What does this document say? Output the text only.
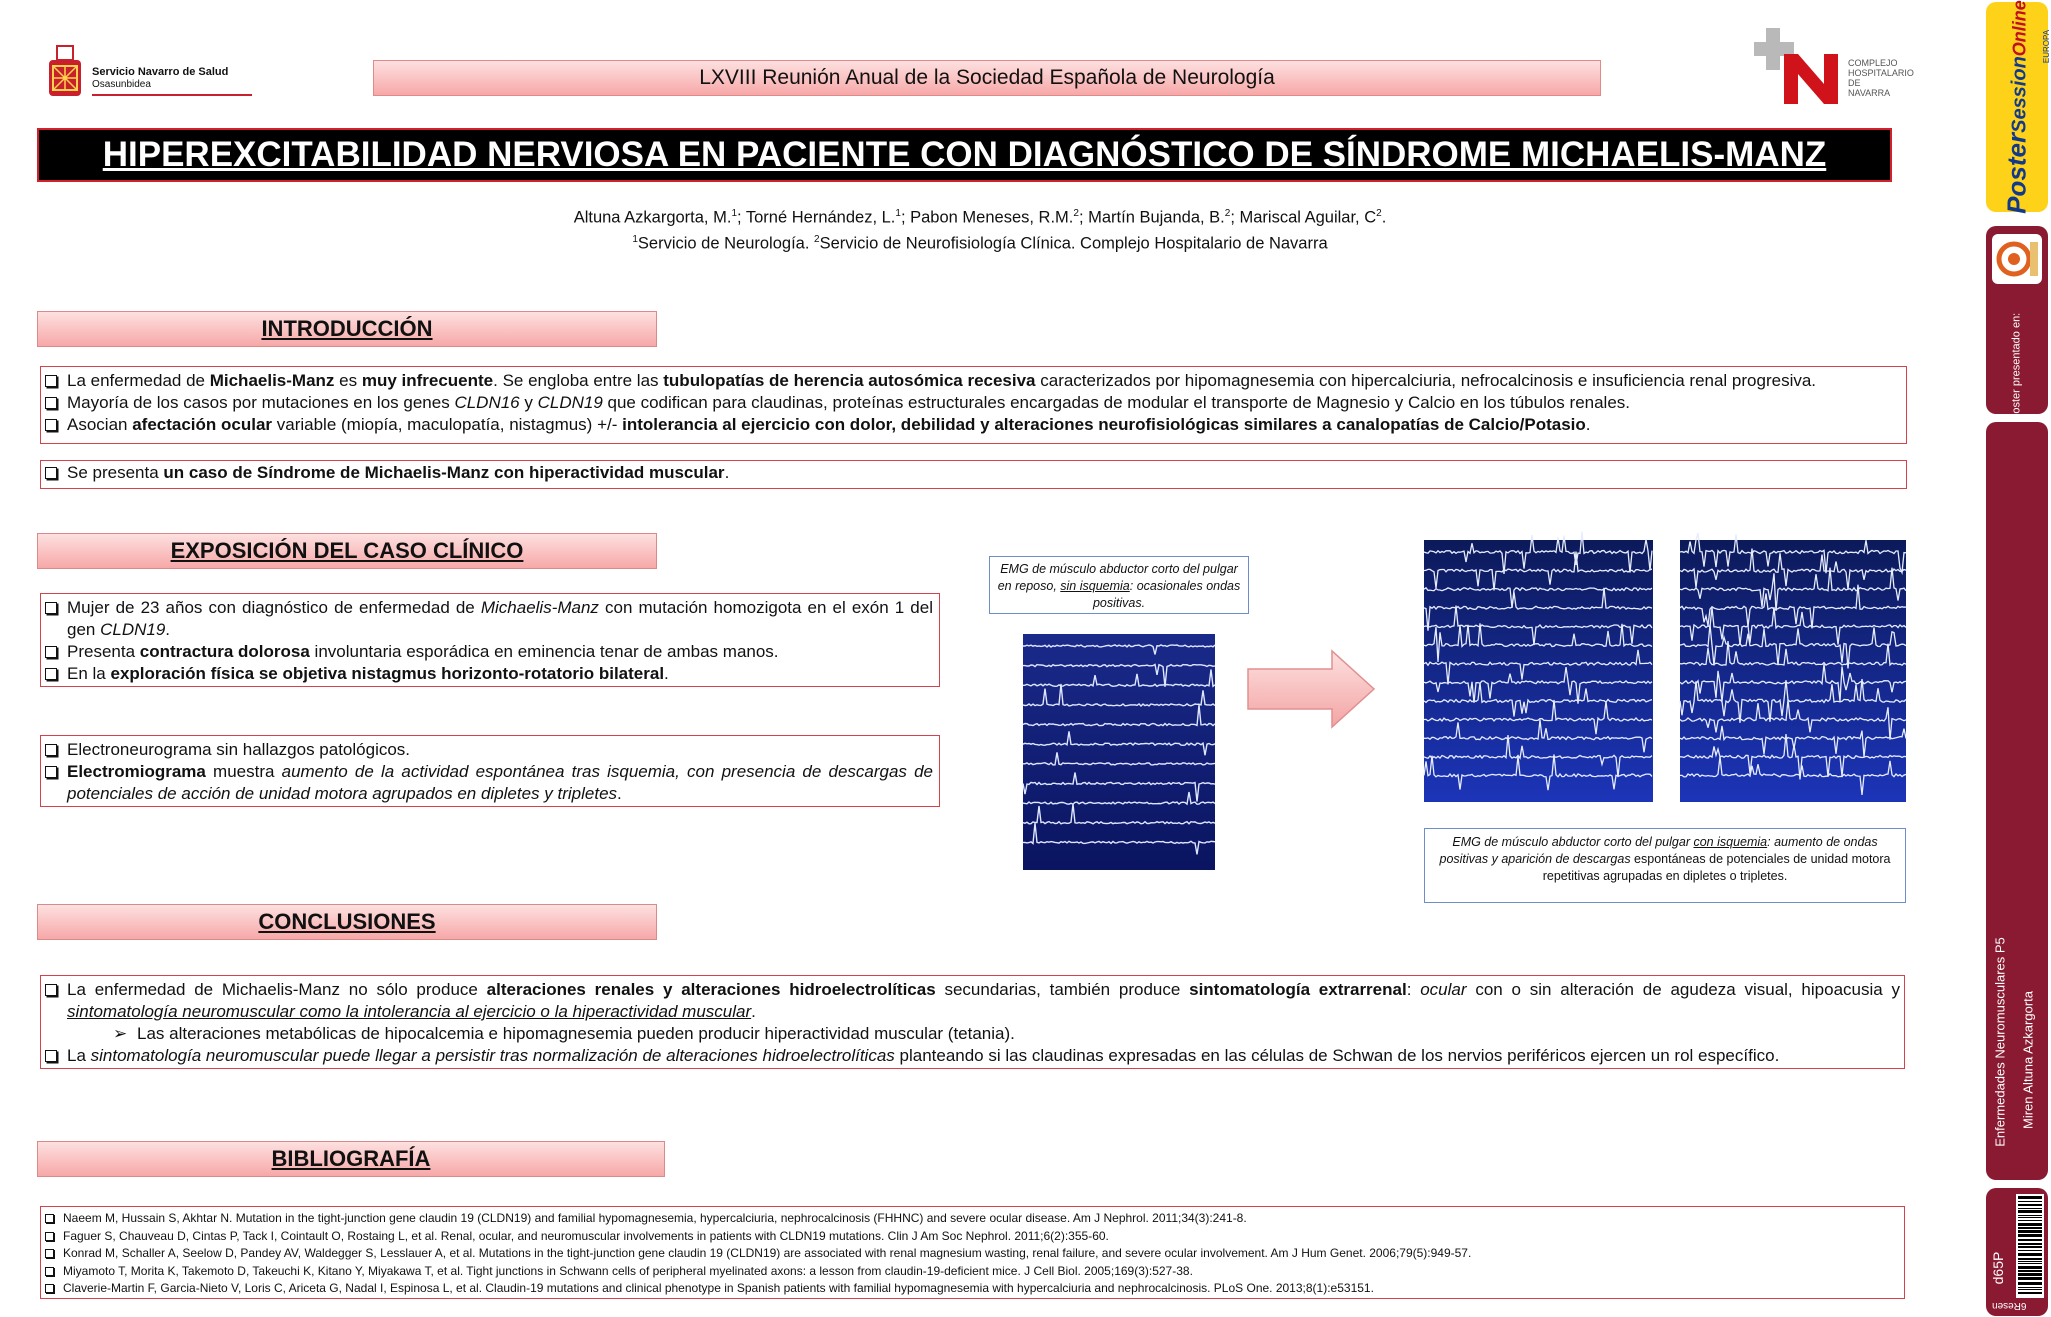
Servicio Navarro de Salud
Osasunbidea	LXVIII Reunión Anual de la Sociedad Española de Neurología
COMPLEJO
HOSPITALARIO
DE NAVARRA
HIPEREXCITABILIDAD NERVIOSA EN PACIENTE CON DIAGNÓSTICO DE SÍNDROME MICHAELIS-MANZ
Altuna Azkargorta, M.$^1$; Torné Hernández, L.$^1$; Pabon Meneses, R.M.$^2$; Martín Bujanda, B.$^2$; Mariscal Aguilar, $C^2$.
$^1$Servicio de Neurología. $^2$Servicio de Neurofisiología Clínica. Complejo Hospitalario de Navarra
INTRODUCCIÓN
La enfermedad de Michaelis-Manz es muy infrecuente. Se engloba entre las tubulopatías de herencia autosómica recesiva caracterizados por hipomagnesemia con hipercalciuria, nefrocalcinosis e insuficiencia renal progresiva.
Mayoría de los casos por mutaciones en los genes CLDN16 y CLDN19 que codifican para claudinas, proteínas estructurales encargadas de modular el transporte de Magnesio y Calcio en los túbulos renales.
Asocian afectación ocular variable (miopía, maculopatía, nistagmus) +/- intolerancia al ejercicio con dolor, debilidad y alteraciones neurofisiológicas similares a canalopatías de Calcio/Potasio.
Se presenta un caso de Síndrome de Michaelis-Manz con hiperactividad muscular.
EXPOSICIÓN DEL CASO CLÍNICO
Mujer de 23 años con diagnóstico de enfermedad de Michaelis-Manz con mutación homozigota en el exón 1 del gen CLDN19.
Presenta contractura dolorosa involuntaria esporádica en eminencia tenar de ambas manos.
En la exploración física se objetiva nistagmus horizonto-rotatorio bilateral.
Electroneurograma sin hallazgos patológicos.
Electromiograma muestra aumento de la actividad espontánea tras isquemia, con presencia de descargas de potenciales de acción de unidad motora agrupados en dipletes y tripletes.
EMG de músculo abductor corto del pulgar en reposo, sin isquemia: ocasionales ondas positivas.
EMG de músculo abductor corto del pulgar con isquemia: aumento de ondas positivas y aparición de descargas espontáneas de potenciales de unidad motora repetitivas agrupadas en dipletes o tripletes.
CONCLUSIONES
La enfermedad de Michaelis-Manz no sólo produce alteraciones renales y alteraciones hidroelectrolíticas secundarias, también produce sintomatología extrarrenal: ocular con o sin alteración de agudeza visual, hipoacusia y sintomatología neuromuscular como la intolerancia al ejercicio o la hiperactividad muscular.
➢ Las alteraciones metabólicas de hipocalcemia e hipomagnesemia pueden producir hiperactividad muscular (tetania).
La sintomatología neuromuscular puede llegar a persistir tras normalización de alteraciones hidroelectrolíticas planteando si las claudinas expresadas en las células de Schwan de los nervios periféricos ejercen un rol específico.
BIBLIOGRAFÍA
Naeem M, Hussain S, Akhtar N. Mutation in the tight-junction gene claudin 19 (CLDN19) and familial hypomagnesemia, hypercalciuria, nephrocalcinosis (FHHNC) and severe ocular disease. Am J Nephrol. 2011;34(3):241-8.
Faguer S, Chauveau D, Cintas P, Tack I, Cointault O, Rostaing L, et al. Renal, ocular, and neuromuscular involvements in patients with CLDN19 mutations. Clin J Am Soc Nephrol. 2011;6(2):355-60.
Konrad M, Schaller A, Seelow D, Pandey AV, Waldegger S, Lesslauer A, et al. Mutations in the tight-junction gene claudin 19 (CLDN19) are associated with renal magnesium wasting, renal failure, and severe ocular involvement. Am J Hum Genet. 2006;79(5):949-57.
Miyamoto T, Morita K, Takemoto D, Takeuchi K, Kitano Y, Miyakawa T, et al. Tight junctions in Schwann cells of peripheral myelinated axons: a lesson from claudin-19-deficient mice. J Cell Biol. 2005;169(3):527-38.
Claverie-Martin F, Garcia-Nieto V, Loris C, Ariceta G, Nadal I, Espinosa L, et al. Claudin-19 mutations and clinical phenotype in Spanish patients with familial hypomagnesemia with hypercalciuria and nephrocalcinosis. PLoS One. 2013;8(1):e53151.
PosterSessionOnline	EUROPA
Poster presentado en:
Enfermedades Neuromusculares P5 Miren Altuna Azkargorta
d65P
6Resen
